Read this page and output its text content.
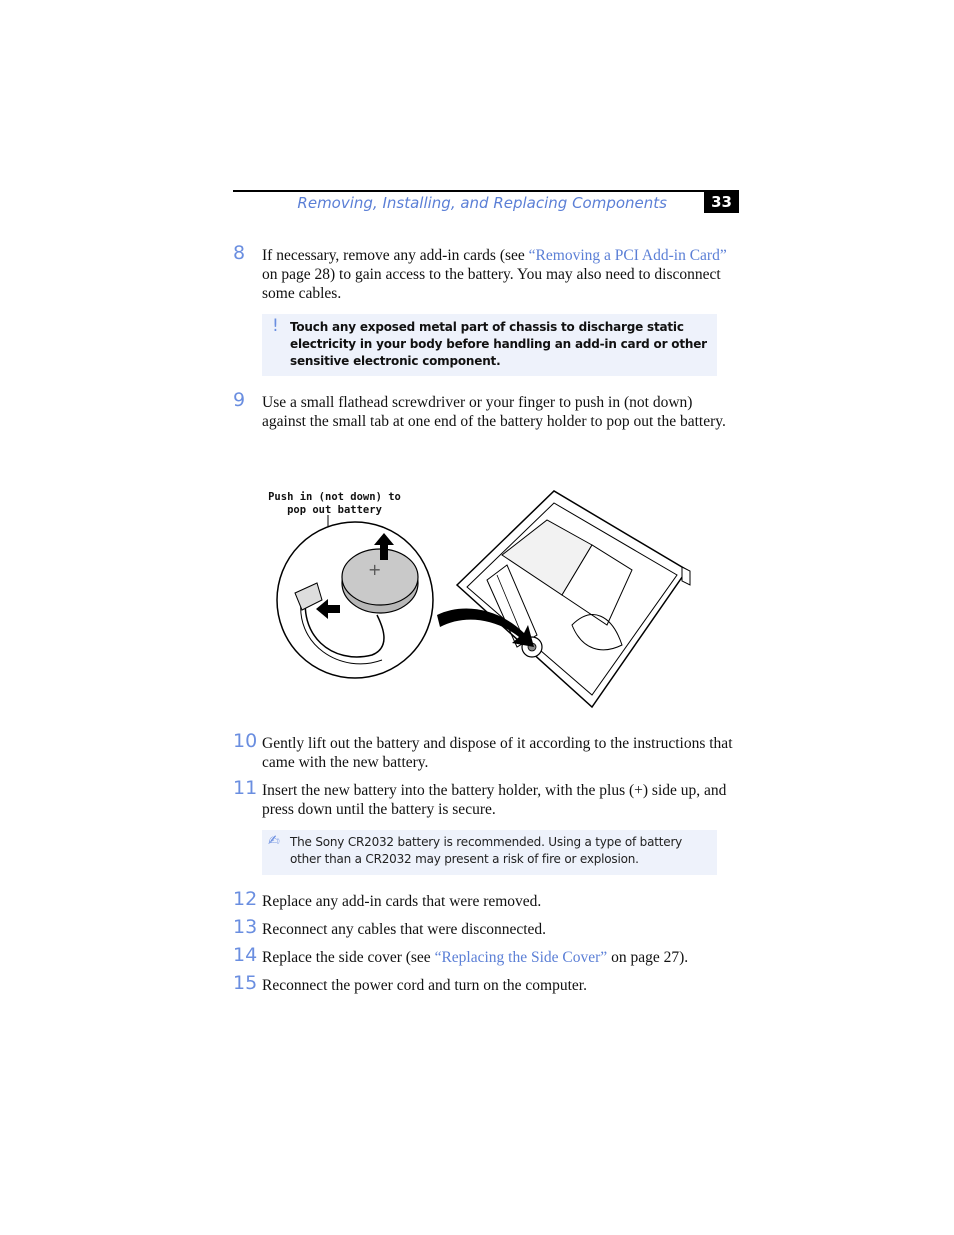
Removing, Installing, and Replacing Components	33
8 If necessary, remove any add-in cards (see “Removing a PCI Add-in Card” on page 28) to gain access to the battery. You may also need to disconnect some cables.
! Touch any exposed metal part of chassis to discharge static electricity in your body before handling an add-in card or other sensitive electronic component.
9 Use a small flathead screwdriver or your finger to push in (not down) against the small tab at one end of the battery holder to pop out the battery.
Push in (not down) to pop out battery
+
10 Gently lift out the battery and dispose of it according to the instructions that came with the new battery.
11 Insert the new battery into the battery holder, with the plus (+) side up, and press down until the battery is secure.
✍ The Sony CR2032 battery is recommended. Using a type of battery other than a CR2032 may present a risk of fire or explosion.
12 Replace any add-in cards that were removed.
13 Reconnect any cables that were disconnected.
14 Replace the side cover (see “Replacing the Side Cover” on page 27).
15 Reconnect the power cord and turn on the computer.
